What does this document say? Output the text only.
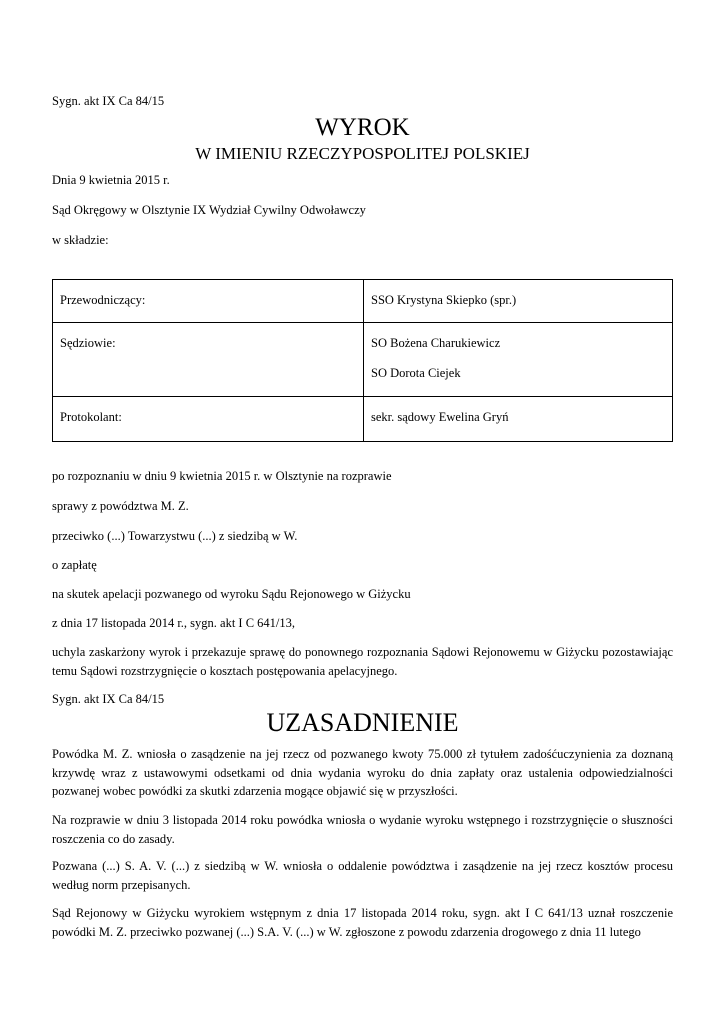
Sygn. akt IX Ca 84/15
WYROK
W IMIENIU RZECZYPOSPOLITEJ POLSKIEJ
Dnia 9 kwietnia 2015 r.
Sąd Okręgowy w Olsztynie IX Wydział Cywilny Odwoławczy
w składzie:
Przewodniczący:	SSO Krystyna Skiepko (spr.)

Sędziowie:	SO Bożena Charukiewicz
SO Dorota Ciejek

Protokolant:	sekr. sądowy Ewelina Gryń
po rozpoznaniu w dniu 9 kwietnia 2015 r. w Olsztynie na rozprawie
sprawy z powództwa M. Z.
przeciwko (...) Towarzystwu (...) z siedzibą w W.
o zapłatę
na skutek apelacji pozwanego od wyroku Sądu Rejonowego w Giżycku
z dnia 17 listopada 2014 r., sygn. akt I C 641/13,
uchyla zaskarżony wyrok i przekazuje sprawę do ponownego rozpoznania Sądowi Rejonowemu w Giżycku pozostawiając temu Sądowi rozstrzygnięcie o kosztach postępowania apelacyjnego.
Sygn. akt IX Ca 84/15
UZASADNIENIE
Powódka M. Z. wniosła o zasądzenie na jej rzecz od pozwanego kwoty 75.000 zł tytułem zadośćuczynienia za doznaną krzywdę wraz z ustawowymi odsetkami od dnia wydania wyroku do dnia zapłaty oraz ustalenia odpowiedzialności pozwanej wobec powódki za skutki zdarzenia mogące objawić się w przyszłości.
Na rozprawie w dniu 3 listopada 2014 roku powódka wniosła o wydanie wyroku wstępnego i rozstrzygnięcie o słuszności roszczenia co do zasady.
Pozwana (...) S. A. V. (...) z siedzibą w W. wniosła o oddalenie powództwa i zasądzenie na jej rzecz kosztów procesu według norm przepisanych.
Sąd Rejonowy w Giżycku wyrokiem wstępnym z dnia 17 listopada 2014 roku, sygn. akt I C 641/13 uznał roszczenie powódki M. Z. przeciwko pozwanej (...) S.A. V. (...) w W. zgłoszone z powodu zdarzenia drogowego z dnia 11 lutego
